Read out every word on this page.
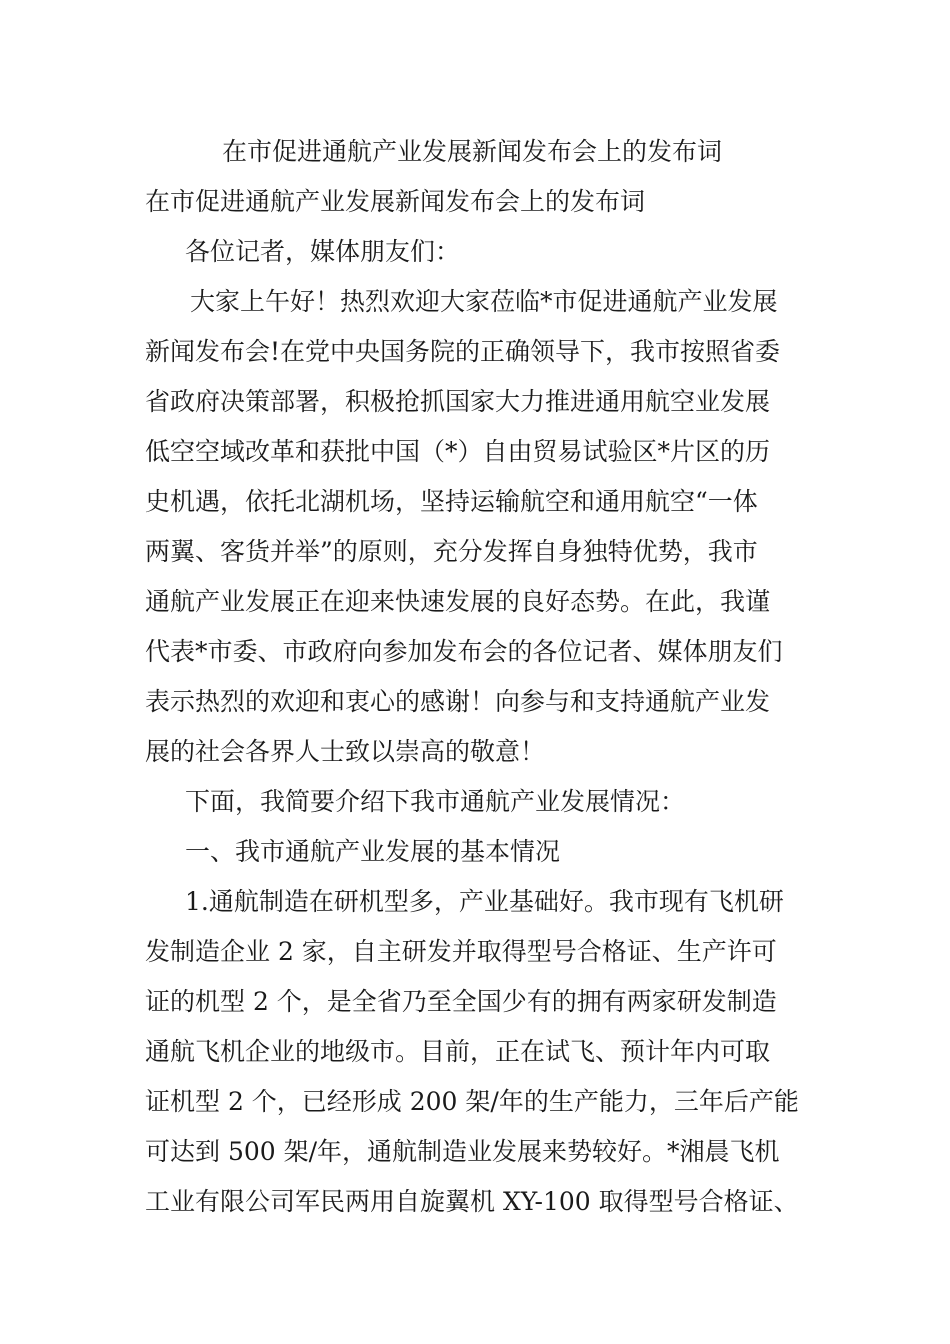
在市促进通航产业发展新闻发布会上的发布词
在市促进通航产业发展新闻发布会上的发布词
各位记者，媒体朋友们：
大家上午好！热烈欢迎大家莅临*市促进通航产业发展
新闻发布会!在党中央国务院的正确领导下，我市按照省委
省政府决策部署，积极抢抓国家大力推进通用航空业发展
低空空域改革和获批中国（*）自由贸易试验区*片区的历
史机遇，依托北湖机场，坚持运输航空和通用航空“一体
两翼、客货并举”的原则，充分发挥自身独特优势，我市
通航产业发展正在迎来快速发展的良好态势。在此，我谨
代表*市委、市政府向参加发布会的各位记者、媒体朋友们
表示热烈的欢迎和衷心的感谢！向参与和支持通航产业发
展的社会各界人士致以崇高的敬意！
下面，我简要介绍下我市通航产业发展情况：
一、我市通航产业发展的基本情况
1.通航制造在研机型多，产业基础好。我市现有飞机研
发制造企业 2 家，自主研发并取得型号合格证、生产许可
证的机型 2 个，是全省乃至全国少有的拥有两家研发制造
通航飞机企业的地级市。目前，正在试飞、预计年内可取
证机型 2 个，已经形成 200 架/年的生产能力，三年后产能
可达到 500 架/年，通航制造业发展来势较好。*湘晨飞机
工业有限公司军民两用自旋翼机 XY-100 取得型号合格证、
